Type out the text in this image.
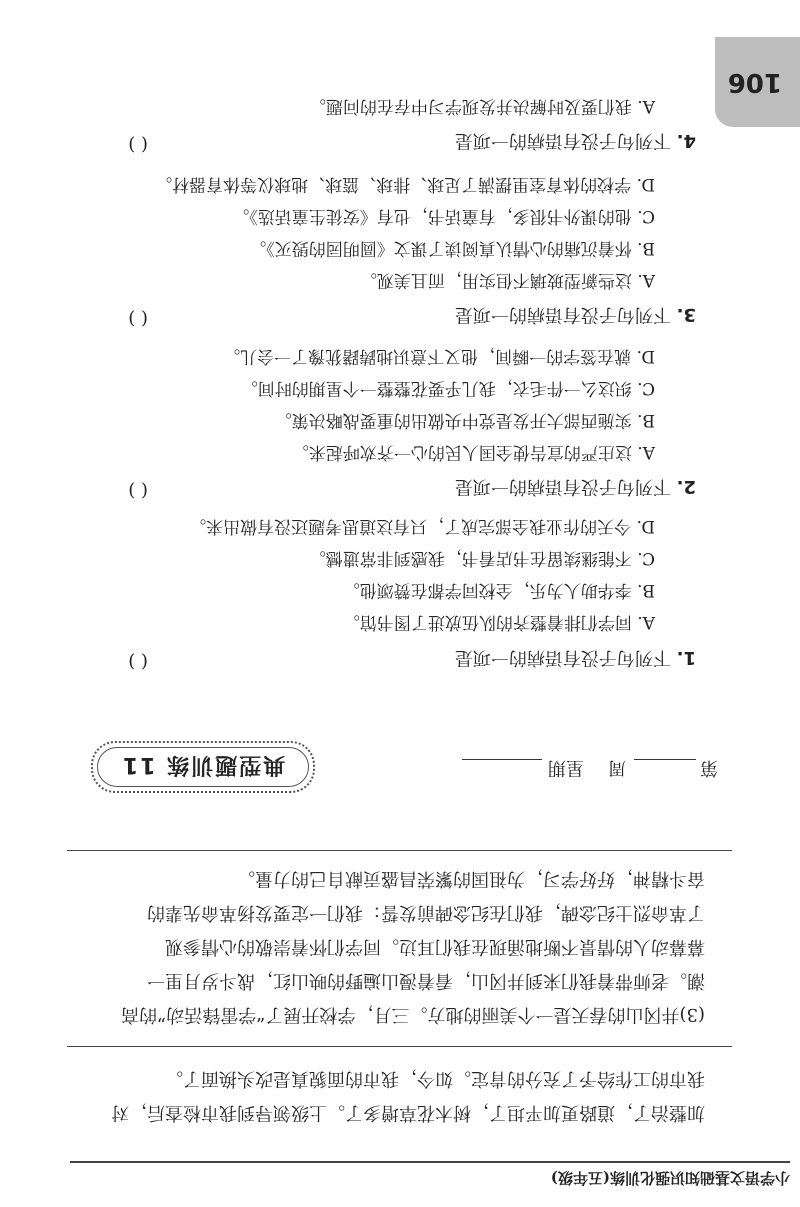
小学语文基础知识强化训练(五年级)
加整治了，道路更加平坦了，树木花草增多了。上级领导到我市检查后，对
我市的工作给予了充分的肯定。如今，我市的面貌真是改头换面了。
(3)井冈山的春天是一个美丽的地方。三月，学校开展了“学雷锋活动”的高
潮。老师带着我们来到井冈山，看着漫山遍野的映山红，战斗岁月里一
幕幕动人的情景不断地涌现在我们耳边。同学们怀着崇敬的心情参观
了革命烈士纪念碑，我们在纪念碑前发誓：我们一定要发扬革命先辈的
奋斗精神，好好学习，为祖国的繁荣昌盛贡献自己的力量。
第
周
星期
典型题训练 11
1. 下列句子没有语病的一项是
( )
A. 同学们排着整齐的队伍放进了图书馆。
B. 李华助人为乐，全校同学都在赞颂他。
C. 不能继续留在书店看书，我感到非常遗憾。
D. 今天的作业我全部完成了，只有这道思考题还没有做出来。
2. 下列句子没有语病的一项是
( )
A. 这庄严的宣告使全国人民的心一齐欢呼起来。
B. 实施西部大开发是党中央做出的重要战略决策。
C. 织这么一件毛衣，我几乎要花整整一个星期的时间。
D. 就在签字的一瞬间，他又下意识地踌躇犹豫了一会儿。
3. 下列句子没有语病的一项是
( )
A. 这些新型玻璃不但实用，而且美观。
B. 怀着沉痛的心情认真阅读了课文《圆明园的毁灭》。
C. 他的课外书很多，有童话书，也有《安徒生童话选》。
D. 学校的体育室里摆满了足球、排球、篮球、地球仪等体育器材。
4. 下列句子没有语病的一项是
( )
A. 我们要及时解决并发现学习中存在的问题。
106
